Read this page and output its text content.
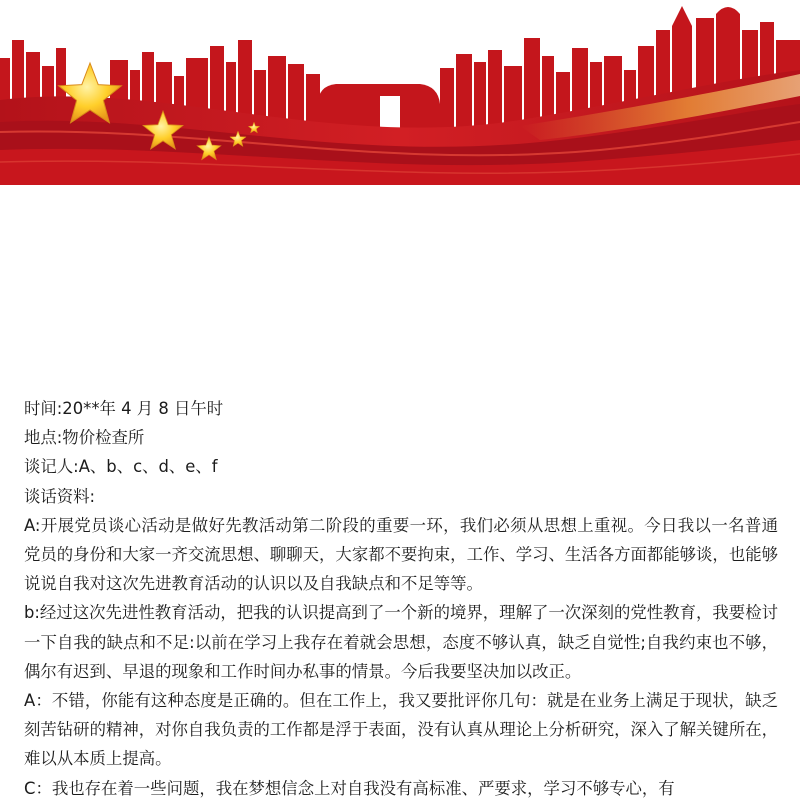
时间:20**年 4 月 8 日午时

地点:物价检查所

谈记人:A、b、c、d、e、f

谈话资料:

A:开展党员谈心活动是做好先教活动第二阶段的重要一环，我们必须从思想上重视。今日我以一名普通党员的身份和大家一齐交流思想、聊聊天，大家都不要拘束，工作、学习、生活各方面都能够谈，也能够说说自我对这次先进教育活动的认识以及自我缺点和不足等等。

b:经过这次先进性教育活动，把我的认识提高到了一个新的境界，理解了一次深刻的党性教育，我要检讨一下自我的缺点和不足:以前在学习上我存在着就会思想，态度不够认真，缺乏自觉性;自我约束也不够，偶尔有迟到、早退的现象和工作时间办私事的情景。今后我要坚决加以改正。

A：不错，你能有这种态度是正确的。但在工作上，我又要批评你几句：就是在业务上满足于现状，缺乏刻苦钻研的精神，对你自我负责的工作都是浮于表面，没有认真从理论上分析研究，深入了解关键所在，难以从本质上提高。

C：我也存在着一些问题，我在梦想信念上对自我没有高标准、严要求，学习不够专心，有
